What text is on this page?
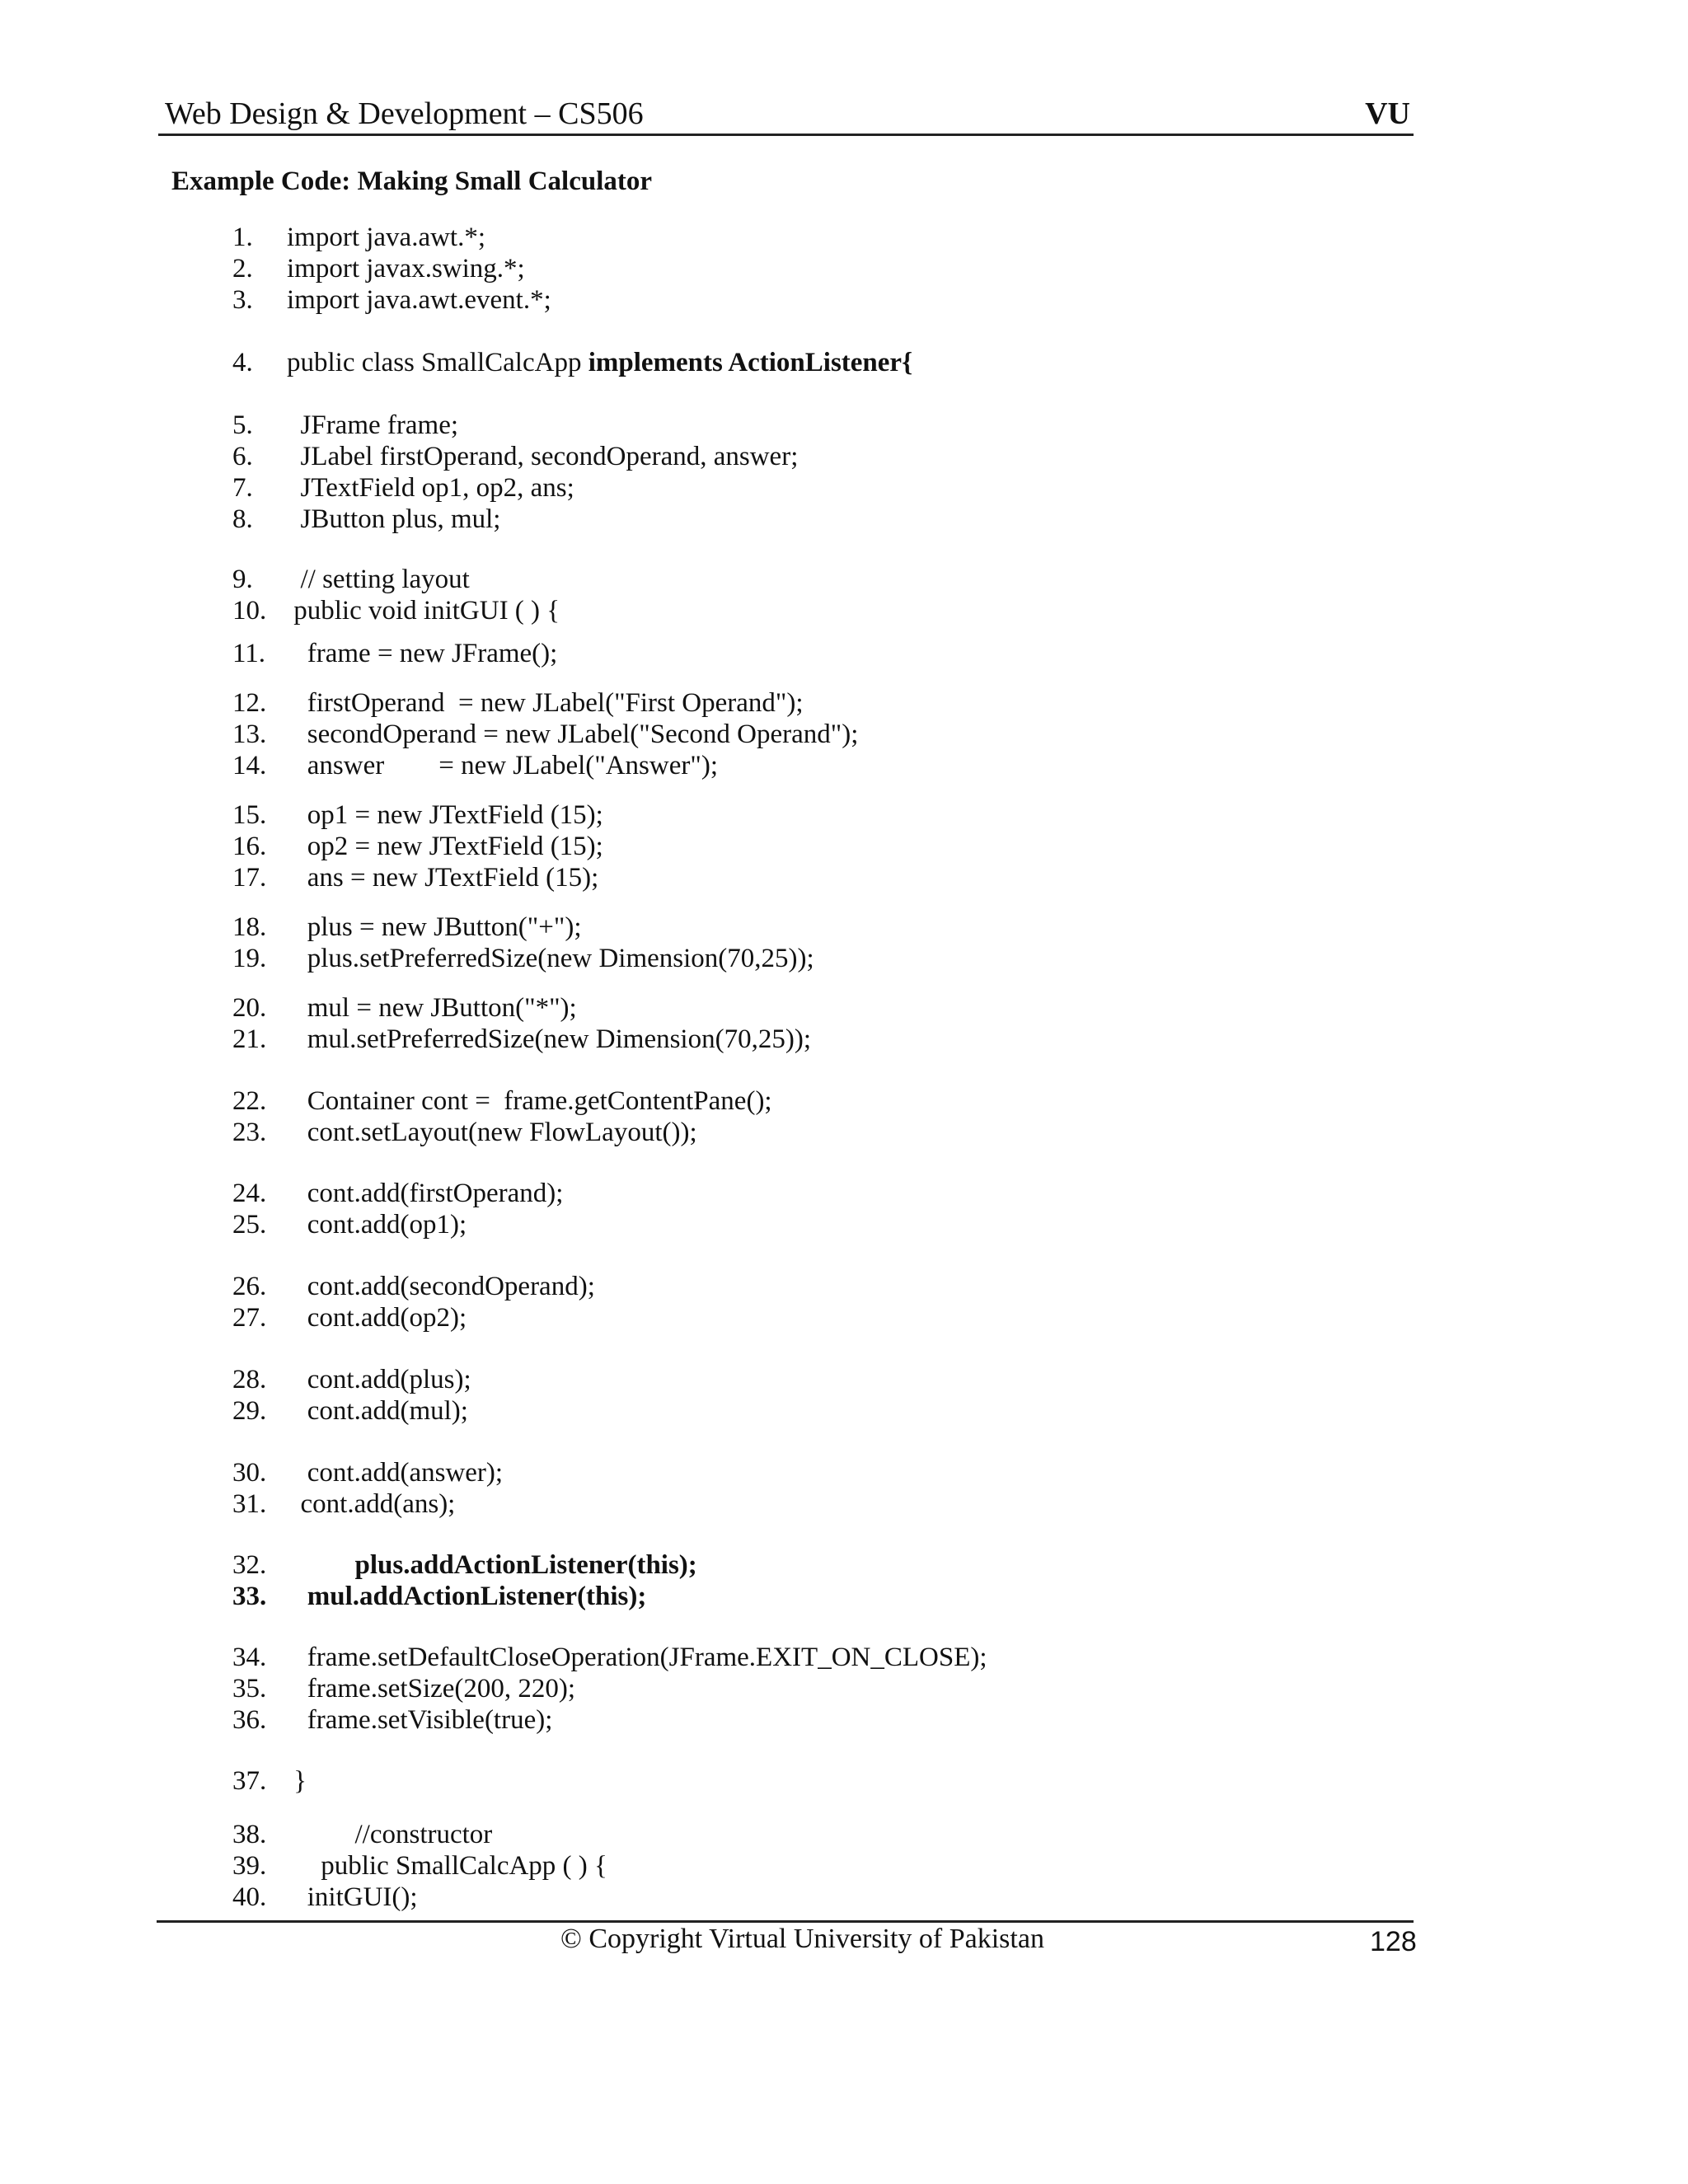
Web Design & Development – CS506	VU
Example Code: Making Small Calculator
1. import java.awt.*;
2. import javax.swing.*;
3. import java.awt.event.*;
4. public class SmallCalcApp implements ActionListener{
5.  JFrame frame;
6.  JLabel firstOperand, secondOperand, answer;
7.  JTextField op1, op2, ans;
8.  JButton plus, mul;
9.  // setting layout
10. public void initGUI ( ) {
11.   frame = new JFrame();
12.   firstOperand  = new JLabel("First Operand");
13.   secondOperand = new JLabel("Second Operand");
14.   answer        = new JLabel("Answer");
15.   op1 = new JTextField (15);
16.   op2 = new JTextField (15);
17.   ans = new JTextField (15);
18.   plus = new JButton("+");
19.   plus.setPreferredSize(new Dimension(70,25));
20.   mul = new JButton("*");
21.   mul.setPreferredSize(new Dimension(70,25));
22.   Container cont =  frame.getContentPane();
23.   cont.setLayout(new FlowLayout());
24.   cont.add(firstOperand);
25.   cont.add(op1);
26.   cont.add(secondOperand);
27.   cont.add(op2);
28.   cont.add(plus);
29.   cont.add(mul);
30.   cont.add(answer);
31.  cont.add(ans);
32.	plus.addActionListener(this);
33. mul.addActionListener(this);
34.   frame.setDefaultCloseOperation(JFrame.EXIT_ON_CLOSE);
35.   frame.setSize(200, 220);
36.   frame.setVisible(true);
37. }
38.          //constructor
39.     public SmallCalcApp ( ) {
40.   initGUI();
© Copyright Virtual University of Pakistan	128
